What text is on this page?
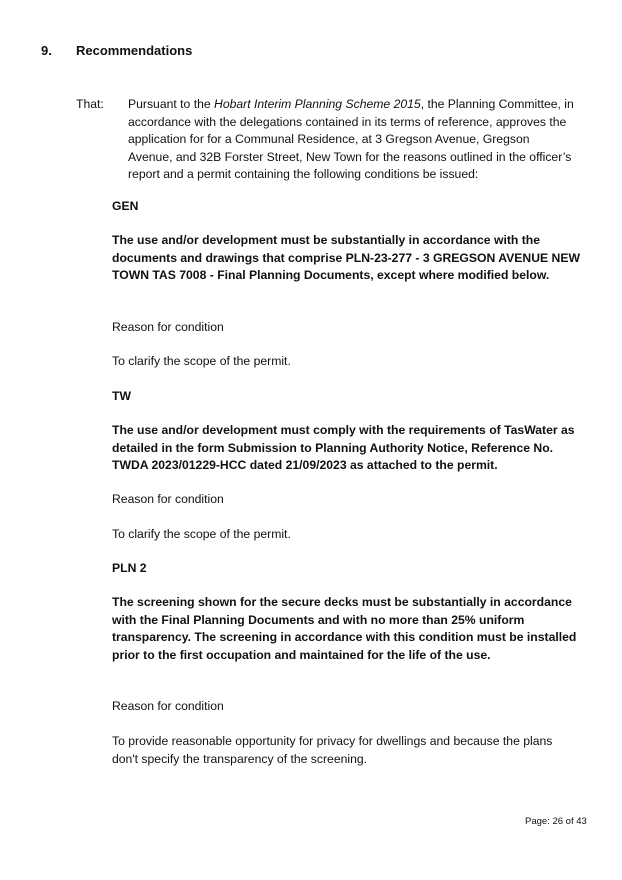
9. Recommendations
That: Pursuant to the Hobart Interim Planning Scheme 2015, the Planning Committee, in accordance with the delegations contained in its terms of reference, approves the application for for a Communal Residence, at 3 Gregson Avenue, Gregson Avenue, and 32B Forster Street, New Town for the reasons outlined in the officer’s report and a permit containing the following conditions be issued:
GEN
The use and/or development must be substantially in accordance with the documents and drawings that comprise PLN-23-277 - 3 GREGSON AVENUE NEW TOWN TAS 7008 - Final Planning Documents, except where modified below.
Reason for condition
To clarify the scope of the permit.
TW
The use and/or development must comply with the requirements of TasWater as detailed in the form Submission to Planning Authority Notice, Reference No. TWDA 2023/01229-HCC dated 21/09/2023 as attached to the permit.
Reason for condition
To clarify the scope of the permit.
PLN 2
The screening shown for the secure decks must be substantially in accordance with the Final Planning Documents and with no more than 25% uniform transparency. The screening in accordance with this condition must be installed prior to the first occupation and maintained for the life of the use.
Reason for condition
To provide reasonable opportunity for privacy for dwellings and because the plans don't specify the transparency of the screening.
Page: 26 of 43
